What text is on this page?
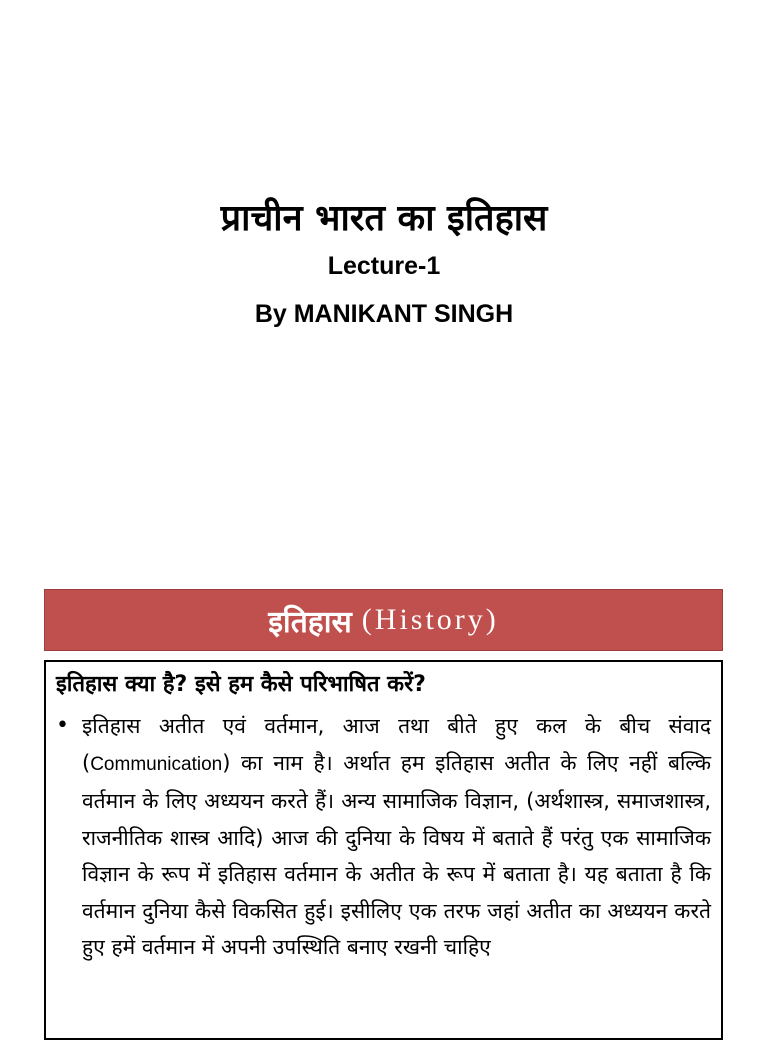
प्राचीन भारत का इतिहास

Lecture-1

By MANIKANT SINGH

इतिहास (History)

इतिहास क्या है? इसे हम कैसे परिभाषित करें?

• इतिहास अतीत एवं वर्तमान, आज तथा बीते हुए कल के बीच संवाद (Communication) का नाम है। अर्थात हम इतिहास अतीत के लिए नहीं बल्कि वर्तमान के लिए अध्ययन करते हैं। अन्य सामाजिक विज्ञान, (अर्थशास्त्र, समाजशास्त्र, राजनीतिक शास्त्र आदि) आज की दुनिया के विषय में बताते हैं परंतु एक सामाजिक विज्ञान के रूप में इतिहास वर्तमान के अतीत के रूप में बताता है। यह बताता है कि वर्तमान दुनिया कैसे विकसित हुई। इसीलिए एक तरफ जहां अतीत का अध्ययन करते हुए हमें वर्तमान में अपनी उपस्थिति बनाए रखनी चाहिए
